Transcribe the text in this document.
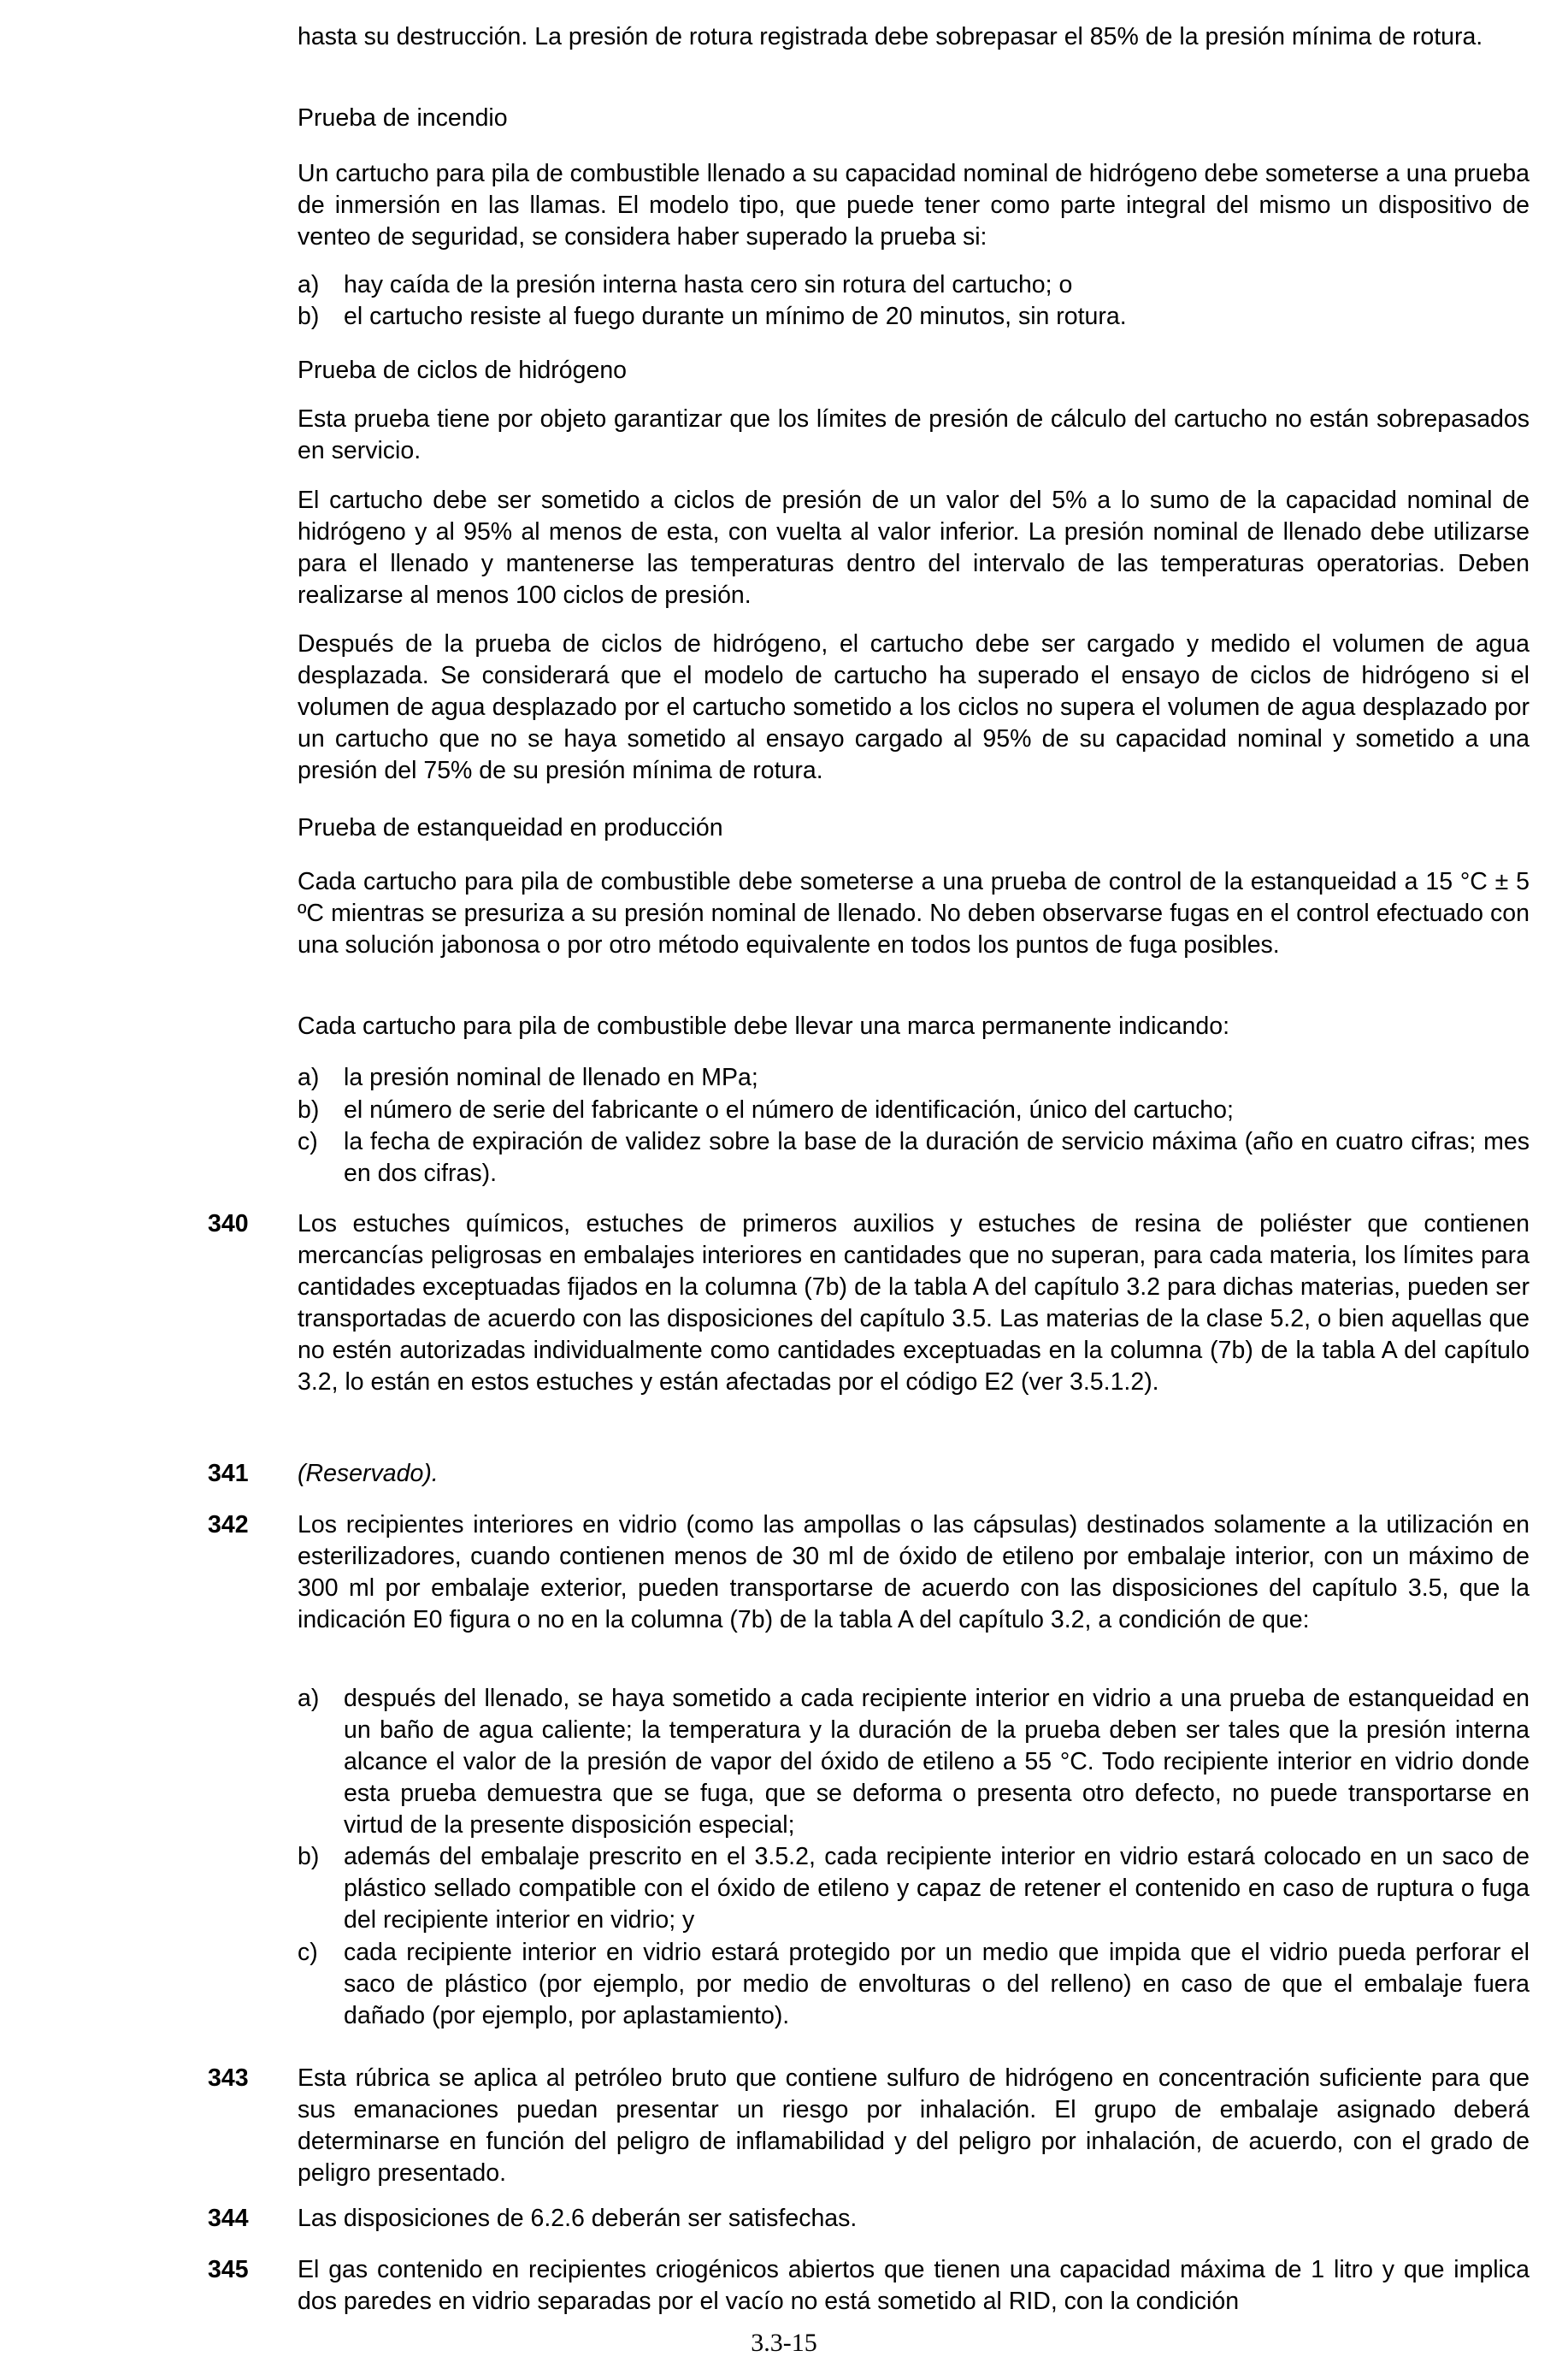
hasta su destrucción. La presión de rotura registrada debe sobrepasar el 85% de la presión mínima de rotura.

Prueba de incendio

Un cartucho para pila de combustible llenado a su capacidad nominal de hidrógeno debe someterse a una prueba de inmersión en las llamas. El modelo tipo, que puede tener como parte integral del mismo un dispositivo de venteo de seguridad, se considera haber superado la prueba si:

a) hay caída de la presión interna hasta cero sin rotura del cartucho; o

b) el cartucho resiste al fuego durante un mínimo de 20 minutos, sin rotura.

Prueba de ciclos de hidrógeno

Esta prueba tiene por objeto garantizar que los límites de presión de cálculo del cartucho no están sobrepasados en servicio.

El cartucho debe ser sometido a ciclos de presión de un valor del 5% a lo sumo de la capacidad nominal de hidrógeno y al 95% al menos de esta, con vuelta al valor inferior. La presión nominal de llenado debe utilizarse para el llenado y mantenerse las temperaturas dentro del intervalo de las temperaturas operatorias. Deben realizarse al menos 100 ciclos de presión.

Después de la prueba de ciclos de hidrógeno, el cartucho debe ser cargado y medido el volumen de agua desplazada. Se considerará que el modelo de cartucho ha superado el ensayo de ciclos de hidrógeno si el volumen de agua desplazado por el cartucho sometido a los ciclos no supera el volumen de agua desplazado por un cartucho que no se haya sometido al ensayo cargado al 95% de su capacidad nominal y sometido a una presión del 75% de su presión mínima de rotura.

Prueba de estanqueidad en producción

Cada cartucho para pila de combustible debe someterse a una prueba de control de la estanqueidad a 15 °C ± 5 ºC mientras se presuriza a su presión nominal de llenado. No deben observarse fugas en el control efectuado con una solución jabonosa o por otro método equivalente en todos los puntos de fuga posibles.

Cada cartucho para pila de combustible debe llevar una marca permanente indicando:

a) la presión nominal de llenado en MPa;

b) el número de serie del fabricante o el número de identificación, único del cartucho;

c) la fecha de expiración de validez sobre la base de la duración de servicio máxima (año en cuatro cifras; mes en dos cifras).

340 Los estuches químicos, estuches de primeros auxilios y estuches de resina de poliéster que contienen mercancías peligrosas en embalajes interiores en cantidades que no superan, para cada materia, los límites para cantidades exceptuadas fijados en la columna (7b) de la tabla A del capítulo 3.2 para dichas materias, pueden ser transportadas de acuerdo con las disposiciones del capítulo 3.5. Las materias de la clase 5.2, o bien aquellas que no estén autorizadas individualmente como cantidades exceptuadas en la columna (7b) de la tabla A del capítulo 3.2, lo están en estos estuches y están afectadas por el código E2 (ver 3.5.1.2).

341 (Reservado).

342 Los recipientes interiores en vidrio (como las ampollas o las cápsulas) destinados solamente a la utilización en esterilizadores, cuando contienen menos de 30 ml de óxido de etileno por embalaje interior, con un máximo de 300 ml por embalaje exterior, pueden transportarse de acuerdo con las disposiciones del capítulo 3.5, que la indicación E0 figura o no en la columna (7b) de la tabla A del capítulo 3.2, a condición de que:

a) después del llenado, se haya sometido a cada recipiente interior en vidrio a una prueba de estanqueidad en un baño de agua caliente; la temperatura y la duración de la prueba deben ser tales que la presión interna alcance el valor de la presión de vapor del óxido de etileno a 55 °C. Todo recipiente interior en vidrio donde esta prueba demuestra que se fuga, que se deforma o presenta otro defecto, no puede transportarse en virtud de la presente disposición especial;

b) además del embalaje prescrito en el 3.5.2, cada recipiente interior en vidrio estará colocado en un saco de plástico sellado compatible con el óxido de etileno y capaz de retener el contenido en caso de ruptura o fuga del recipiente interior en vidrio; y

c) cada recipiente interior en vidrio estará protegido por un medio que impida que el vidrio pueda perforar el saco de plástico (por ejemplo, por medio de envolturas o del relleno) en caso de que el embalaje fuera dañado (por ejemplo, por aplastamiento).

343 Esta rúbrica se aplica al petróleo bruto que contiene sulfuro de hidrógeno en concentración suficiente para que sus emanaciones puedan presentar un riesgo por inhalación. El grupo de embalaje asignado deberá determinarse en función del peligro de inflamabilidad y del peligro por inhalación, de acuerdo, con el grado de peligro presentado.

344 Las disposiciones de 6.2.6 deberán ser satisfechas.

345 El gas contenido en recipientes criogénicos abiertos que tienen una capacidad máxima de 1 litro y que implica dos paredes en vidrio separadas por el vacío no está sometido al RID, con la condición

3.3-15
